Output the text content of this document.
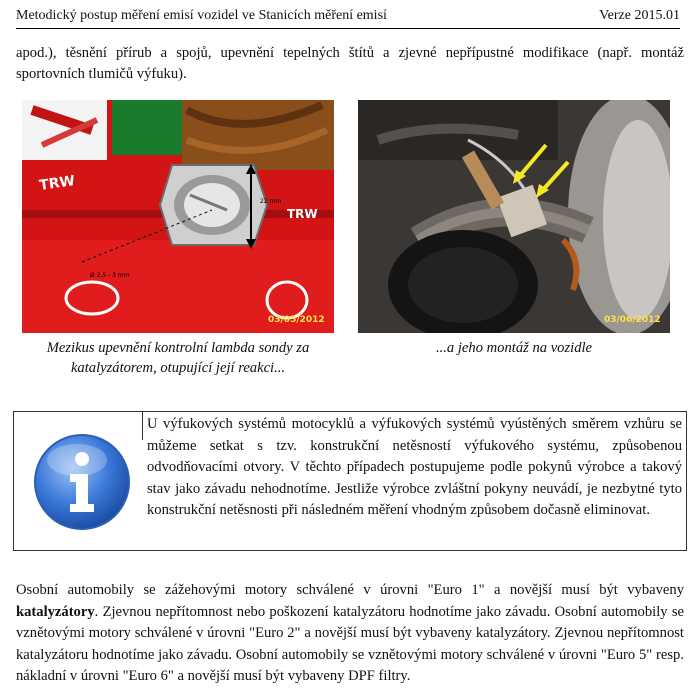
Metodický postup měření emisí vozidel ve Stanicích měření emisí	Verze 2015.01

apod.), těsnění přírub a spojů, upevnění tepelných štítů a zjevné nepřípustné modifikace (např. montáž sportovních tlumičů výfuku).

TRW
TRW
22 mm
Ø 2,5 - 3 mm
03/05/2012	03/06/2012

Mezikus upevnění kontrolní lambda sondy za katalyzátorem, otupující její reakci...

...a jeho montáž na vozidle

U výfukových systémů motocyklů a výfukových systémů vyústěných směrem vzhůru se můžeme setkat s tzv. konstrukční netěsností výfukového systému, způsobenou odvodňovacími otvory. V těchto případech postupujeme podle pokynů výrobce a takový stav jako závadu nehodnotíme. Jestliže výrobce zvláštní pokyny neuvádí, je nezbytné tyto konstrukční netěsnosti při následném měření vhodným způsobem dočasně eliminovat.

Osobní automobily se zážehovými motory schválené v úrovni "Euro 1" a novější musí být vybaveny katalyzátory. Zjevnou nepřítomnost nebo poškození katalyzátoru hodnotíme jako závadu. Osobní automobily se vznětovými motory schválené v úrovni "Euro 2" a novější musí být vybaveny katalyzátory. Zjevnou nepřítomnost katalyzátoru hodnotíme jako závadu. Osobní automobily se vznětovými motory schválené v úrovni "Euro 5" resp. nákladní v úrovni "Euro 6" a novější musí být vybaveny DPF filtry.
